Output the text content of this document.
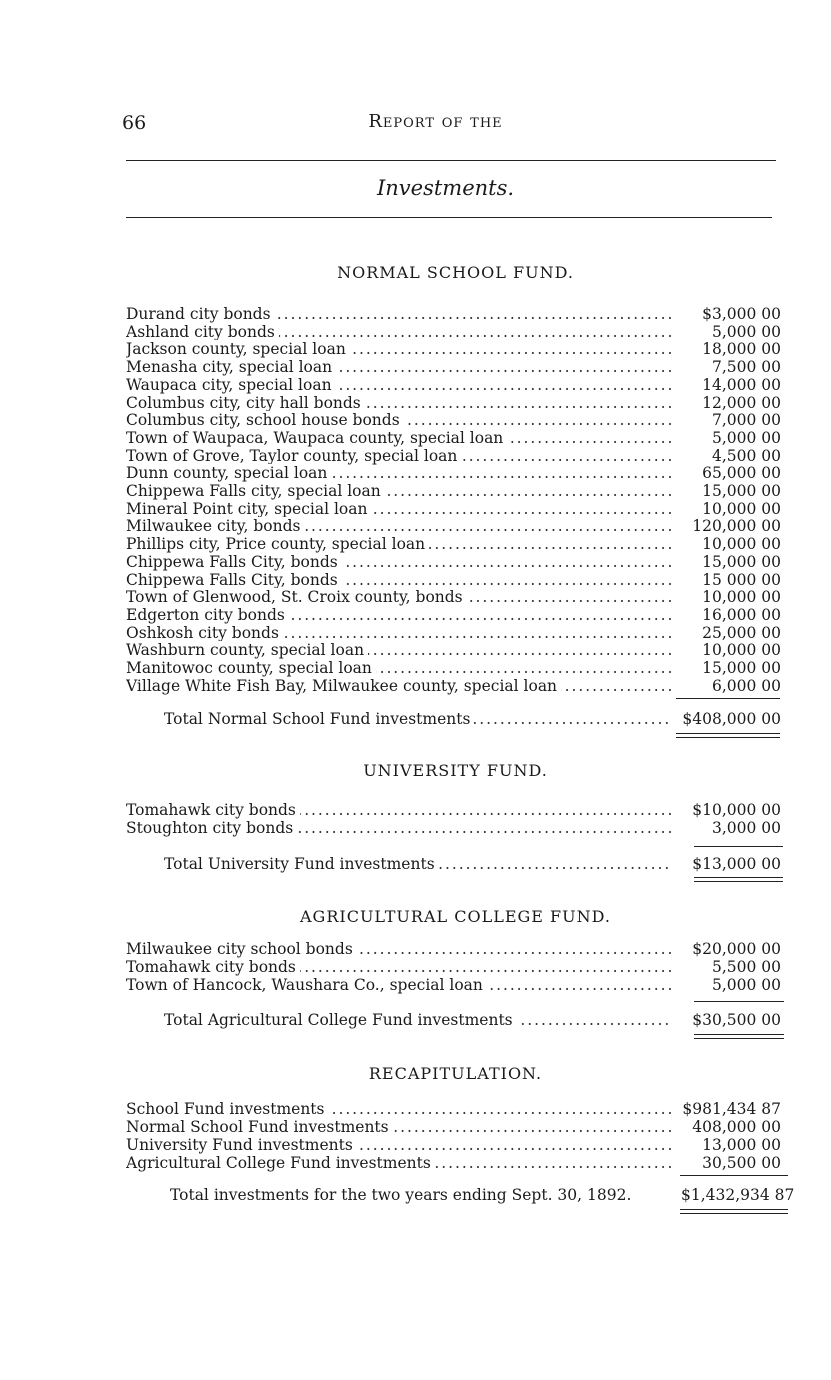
66	Report of the
Investments.
NORMAL SCHOOL FUND.
Durand city bonds . . .	$3,000 00
Ashland city bonds . . .	5,000 00
Jackson county, special loan . . .	18,000 00
Menasha city, special loan . . .	7,500 00
Waupaca city, special loan . . .	14,000 00
Columbus city, city hall bonds . . .	12,000 00
Columbus city, school house bonds . . .	7,000 00
Town of Waupaca, Waupaca county, special loan . . .	5,000 00
Town of Grove, Taylor county, special loan . . .	4,500 00
Dunn county, special loan . . .	65,000 00
Chippewa Falls city, special loan . . .	15,000 00
Mineral Point city, special loan . . .	10,000 00
Milwaukee city, bonds . . .	120,000 00
Phillips city, Price county, special loan . . .	10,000 00
Chippewa Falls City, bonds . . .	15,000 00
Chippewa Falls City, bonds . . .	15 000 00
Town of Glenwood, St. Croix county, bonds . . .	10,000 00
Edgerton city bonds . . .	16,000 00
Oshkosh city bonds . . .	25,000 00
Washburn county, special loan . . .	10,000 00
Manitowoc county, special loan . . .	15,000 00
Village White Fish Bay, Milwaukee county, special loan . . .	6,000 00
Total Normal School Fund investments . . .	$408,000 00
UNIVERSITY FUND.
Tomahawk city bonds . . .	$10,000 00
Stoughton city bonds . . .	3,000 00
Total University Fund investments . . .	$13,000 00
AGRICULTURAL COLLEGE FUND.
Milwaukee city school bonds . . .	$20,000 00
Tomahawk city bonds . . .	5,500 00
Town of Hancock, Waushara Co., special loan . . .	5,000 00
Total Agricultural College Fund investments . . .	$30,500 00
RECAPITULATION.
School Fund investments . . .	$981,434 87
Normal School Fund investments . . .	408,000 00
University Fund investments . . .	13,000 00
Agricultural College Fund investments . . .	30,500 00
Total investments for the two years ending Sept. 30, 1892.	$1,432,934 87
